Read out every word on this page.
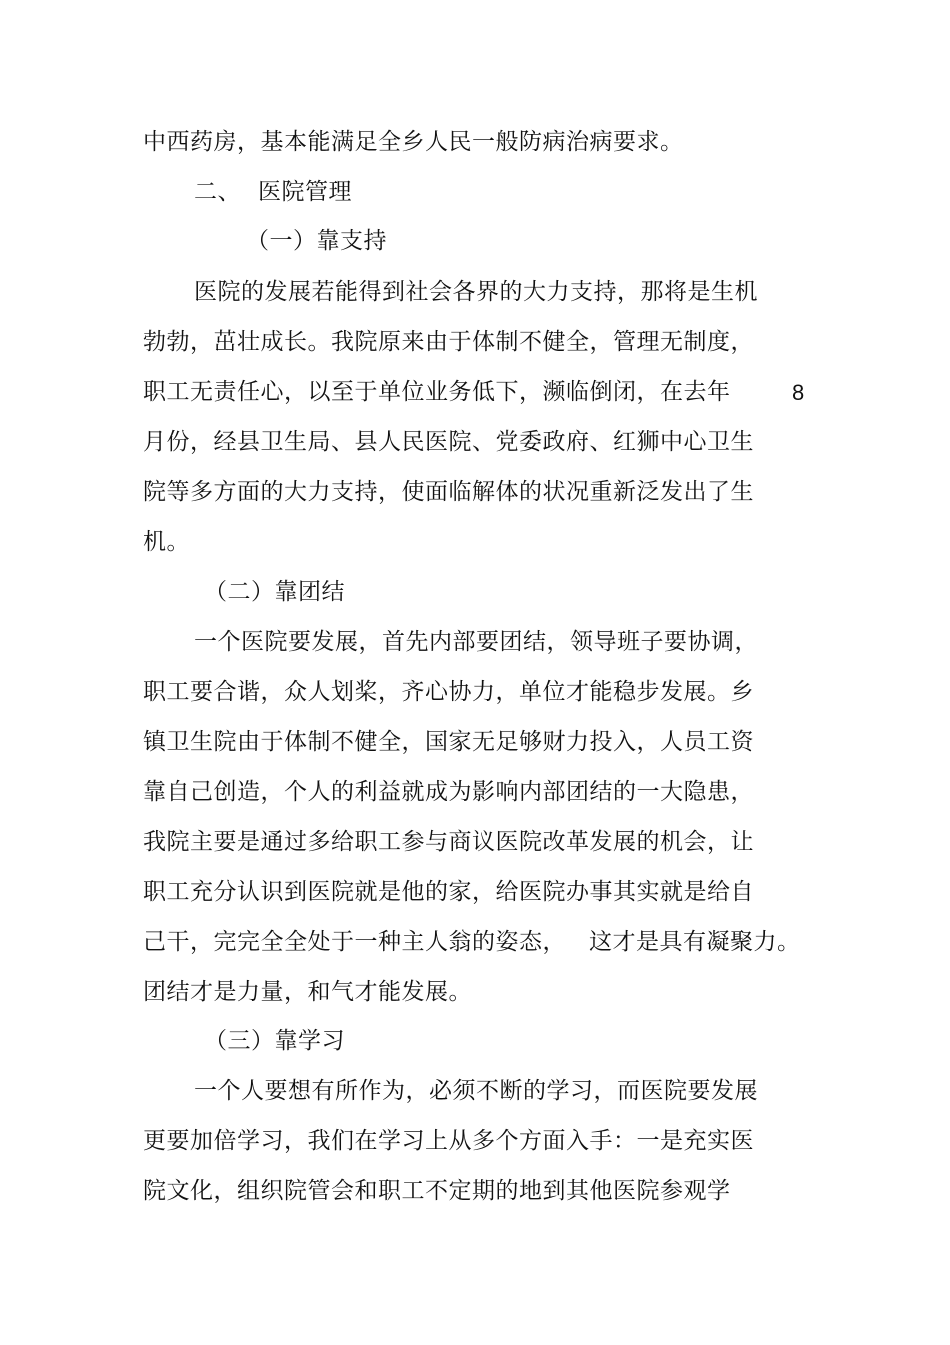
中西药房，基本能满足全乡人民一般防病治病要求。
二、 医院管理
（一）靠支持
医院的发展若能得到社会各界的大力支持，那将是生机
勃勃，茁壮成长。我院原来由于体制不健全，管理无制度，
职工无责任心，以至于单位业务低下，濒临倒闭，在去年	8
月份，经县卫生局、县人民医院、党委政府、红狮中心卫生
院等多方面的大力支持，使面临解体的状况重新泛发出了生
机。
（二）靠团结
一个医院要发展，首先内部要团结，领导班子要协调，
职工要合谐，众人划桨，齐心协力，单位才能稳步发展。乡
镇卫生院由于体制不健全，国家无足够财力投入，人员工资
靠自己创造，个人的利益就成为影响内部团结的一大隐患，
我院主要是通过多给职工参与商议医院改革发展的机会，让
职工充分认识到医院就是他的家，给医院办事其实就是给自
己干，完完全全处于一种主人翁的姿态， 这才是具有凝聚力。
团结才是力量，和气才能发展。
（三）靠学习
一个人要想有所作为，必须不断的学习，而医院要发展
更要加倍学习，我们在学习上从多个方面入手：一是充实医
院文化，组织院管会和职工不定期的地到其他医院参观学
